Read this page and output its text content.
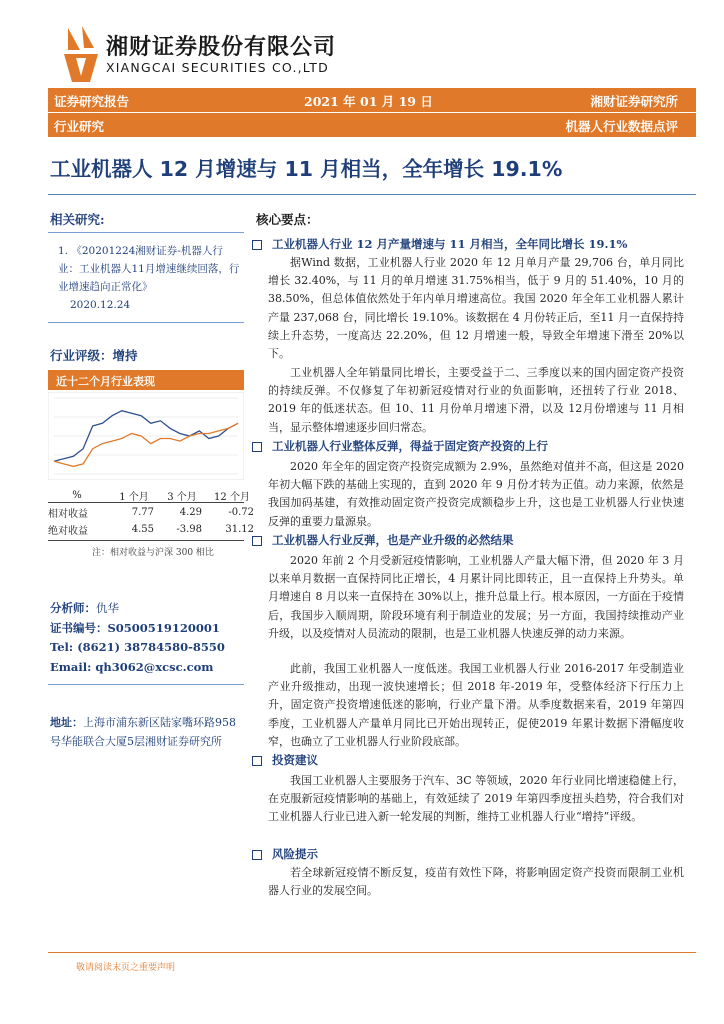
湘财证券股份有限公司
XIANGCAI SECURITIES CO.,LTD
证券研究报告	2021 年 01 月 19 日	湘财证券研究所
行业研究	机器人行业数据点评
工业机器人 12 月增速与 11 月相当，全年增长 19.1%
相关研究:
1. 《20201224湘财证券-机器人行业：工业机器人11月增速继续回落，行业增速趋向正常化》
2020.12.24
行业评级：增持
近十二个月行业表现
%	1 个月	3 个月	12 个月
相对收益	7.77	4.29	-0.72
绝对收益	4.55	-3.98	31.12
注：相对收益与沪深 300 相比
分析师：仇华
证书编号：S0500519120001
Tel: (8621) 38784580-8550
Email: qh3062@xcsc.com
地址：上海市浦东新区陆家嘴环路958号华能联合大厦5层湘财证券研究所
核心要点：
工业机器人行业 12 月产量增速与 11 月相当，全年同比增长 19.1%
据Wind 数据，工业机器人行业 2020 年 12 月单月产量 29,706 台，单月同比增长 32.40%，与 11 月的单月增速 31.75%相当，低于 9 月的 51.40%，10 月的 38.50%，但总体值依然处于年内单月增速高位。我国 2020 年全年工业机器人累计产量 237,068 台，同比增长 19.10%。该数据在 4 月份转正后，至11 月一直保持持续上升态势，一度高达 22.20%，但 12 月增速一般，导致全年增速下滑至 20%以下。
工业机器人全年销量同比增长，主要受益于二、三季度以来的国内固定资产投资的持续反弹。不仅修复了年初新冠疫情对行业的负面影响，还扭转了行业 2018、2019 年的低迷状态。但 10、11 月份单月增速下滑，以及 12月份增速与 11 月相当，显示整体增速逐步回归常态。
工业机器人行业整体反弹，得益于固定资产投资的上行
2020 年全年的固定资产投资完成额为 2.9%，虽然绝对值并不高，但这是 2020 年初大幅下跌的基础上实现的，直到 2020 年 9 月份才转为正值。动力来源，依然是我国加码基建，有效推动固定资产投资完成额稳步上升，这也是工业机器人行业快速反弹的重要力量源泉。
工业机器人行业反弹，也是产业升级的必然结果
2020 年前 2 个月受新冠疫情影响，工业机器人产量大幅下滑，但 2020 年 3 月以来单月数据一直保持同比正增长，4 月累计同比即转正，且一直保持上升势头。单月增速自 8 月以来一直保持在 30%以上，推升总量上行。根本原因，一方面在于疫情后，我国步入顺周期，阶段环境有利于制造业的发展；另一方面，我国持续推动产业升级，以及疫情对人员流动的限制，也是工业机器人快速反弹的动力来源。
此前，我国工业机器人一度低迷。我国工业机器人行业 2016-2017 年受制造业产业升级推动，出现一波快速增长；但 2018 年-2019 年，受整体经济下行压力上升，固定资产投资增速低迷的影响，行业产量下滑。从季度数据来看，2019 年第四季度，工业机器人产量单月同比已开始出现转正，促使2019 年累计数据下滑幅度收窄，也确立了工业机器人行业阶段底部。
投资建议
我国工业机器人主要服务于汽车、3C 等领域，2020 年行业同比增速稳健上行，在克服新冠疫情影响的基础上，有效延续了 2019 年第四季度扭头趋势，符合我们对工业机器人行业已进入新一轮发展的判断，维持工业机器人行业“增持”评级。
风险提示
若全球新冠疫情不断反复，疫苗有效性下降，将影响固定资产投资而限制工业机器人行业的发展空间。
敬请阅读末页之重要声明
